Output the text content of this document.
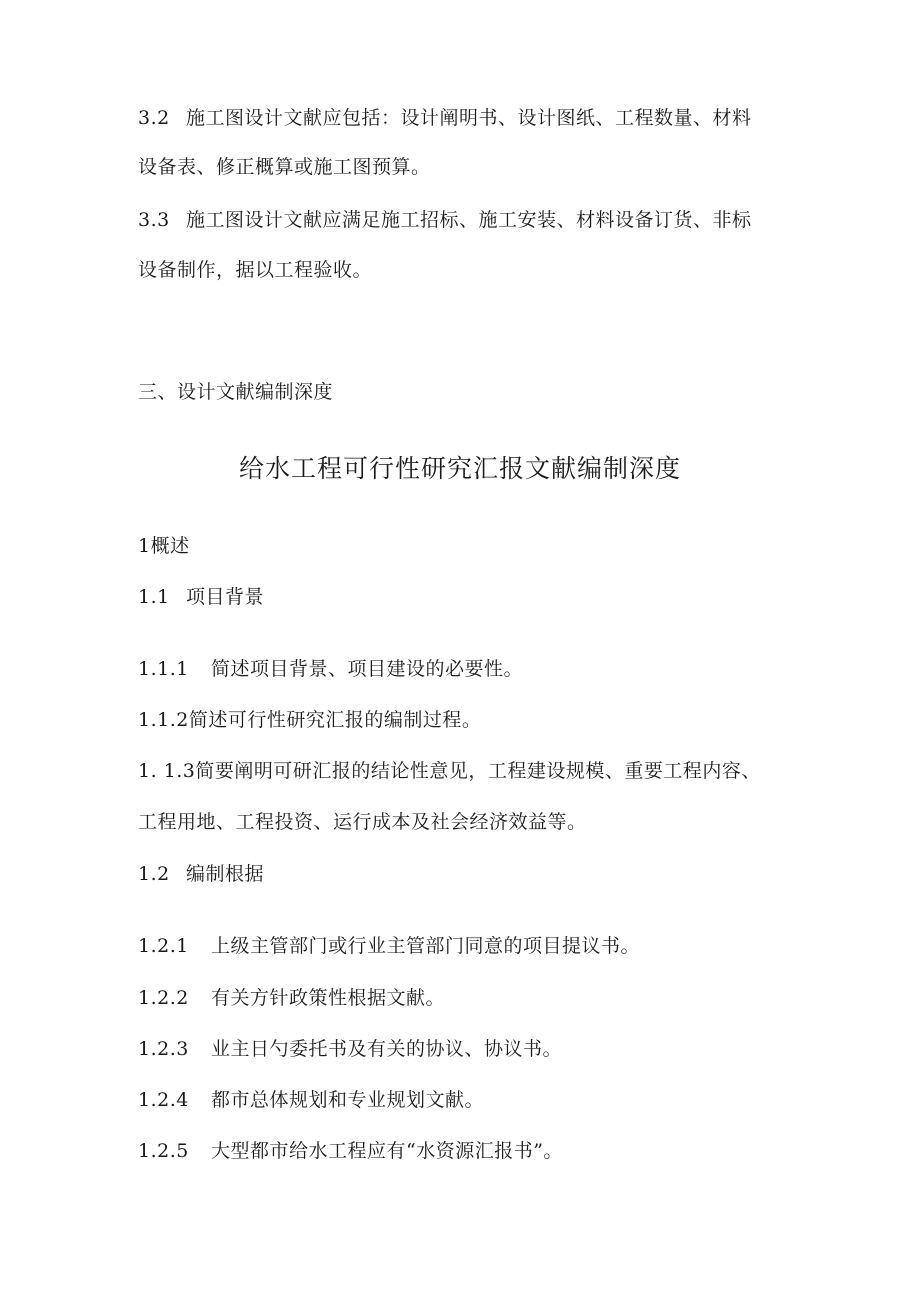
3.2 施工图设计文献应包括：设计阐明书、设计图纸、工程数量、材料
设备表、修正概算或施工图预算。
3.3 施工图设计文献应满足施工招标、施工安装、材料设备订货、非标
设备制作，据以工程验收。
三、设计文献编制深度
给水工程可行性研究汇报文献编制深度
1概述
1.1 项目背景
1.1.1 简述项目背景、项目建设的必要性。
1.1.2简述可行性研究汇报的编制过程。
1. 1.3简要阐明可研汇报的结论性意见，工程建设规模、重要工程内容、
工程用地、工程投资、运行成本及社会经济效益等。
1.2 编制根据
1.2.1 上级主管部门或行业主管部门同意的项目提议书。
1.2.2 有关方针政策性根据文献。
1.2.3 业主日勺委托书及有关的协议、协议书。
1.2.4 都市总体规划和专业规划文献。
1.2.5 大型都市给水工程应有“水资源汇报书”。
